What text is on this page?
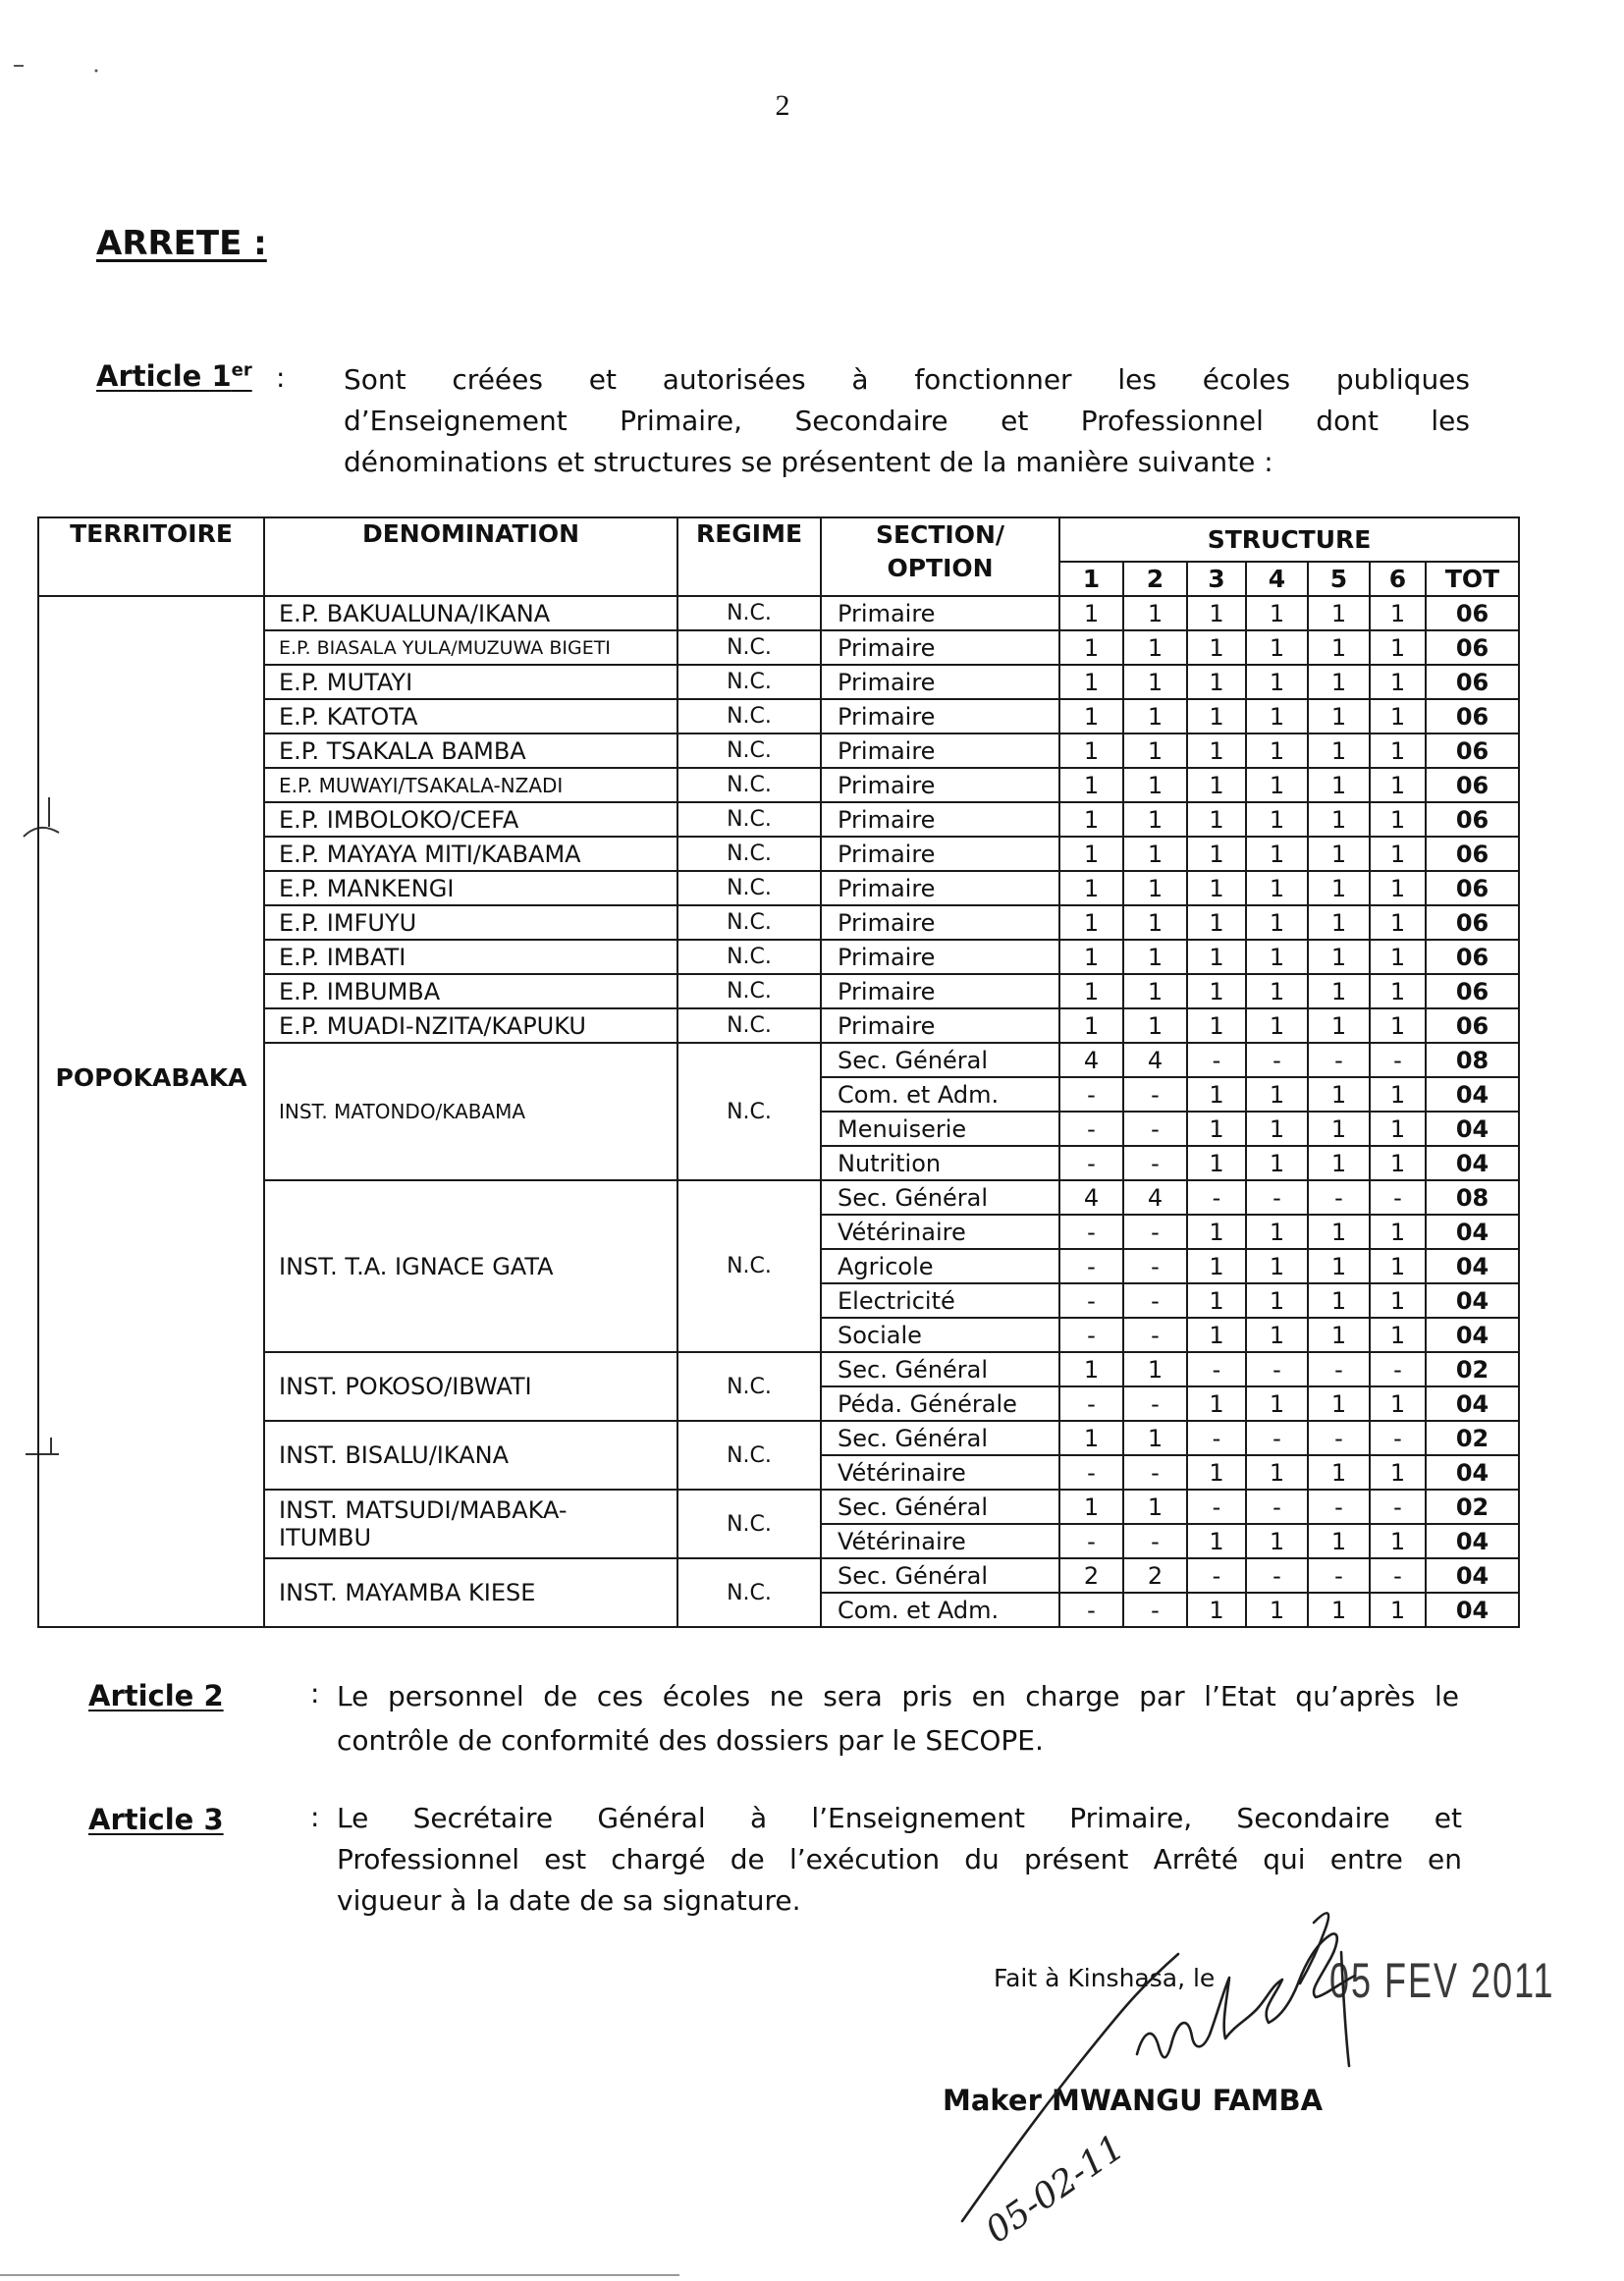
2
ARRETE :
Article 1er : Sont créées et autorisées à fonctionner les écoles publiques
d’Enseignement Primaire, Secondaire et Professionnel dont les
dénominations et structures se présentent de la manière suivante :
TERRITOIRE	DENOMINATION	REGIME	SECTION/
OPTION	STRUCTURE						
				1	2	3	4	5	6	TOT
POPOKABAKA	E.P. BAKUALUNA/IKANA	N.C.	Primaire	1	1	1	1	1	1	06

	E.P. BIASALA YULA/MUZUWA BIGETI	N.C.	Primaire	1	1	1	1	1	1	06

	E.P. MUTAYI	N.C.	Primaire	1	1	1	1	1	1	06

	E.P. KATOTA	N.C.	Primaire	1	1	1	1	1	1	06

	E.P. TSAKALA BAMBA	N.C.	Primaire	1	1	1	1	1	1	06

	E.P. MUWAYI/TSAKALA-NZADI	N.C.	Primaire	1	1	1	1	1	1	06

	E.P. IMBOLOKO/CEFA	N.C.	Primaire	1	1	1	1	1	1	06

	E.P. MAYAYA MITI/KABAMA	N.C.	Primaire	1	1	1	1	1	1	06

	E.P. MANKENGI	N.C.	Primaire	1	1	1	1	1	1	06

	E.P. IMFUYU	N.C.	Primaire	1	1	1	1	1	1	06

	E.P. IMBATI	N.C.	Primaire	1	1	1	1	1	1	06

	E.P. IMBUMBA	N.C.	Primaire	1	1	1	1	1	1	06

	E.P. MUADI-NZITA/KAPUKU	N.C.	Primaire	1	1	1	1	1	1	06

	INST. MATONDO/KABAMA	N.C.	Sec. Général	4	4	-	-	-	-	08
			Com. et Adm.	-	-	1	1	1	1	04
			Menuiserie	-	-	1	1	1	1	04
			Nutrition	-	-	1	1	1	1	04

	INST. T.A. IGNACE GATA	N.C.	Sec. Général	4	4	-	-	-	-	08
			Vétérinaire	-	-	1	1	1	1	04
			Agricole	-	-	1	1	1	1	04
			Electricité	-	-	1	1	1	1	04
			Sociale	-	-	1	1	1	1	04

	INST. POKOSO/IBWATI	N.C.	Sec. Général	1	1	-	-	-	-	02
			Péda. Générale	-	-	1	1	1	1	04

	INST. BISALU/IKANA	N.C.	Sec. Général	1	1	-	-	-	-	02
			Vétérinaire	-	-	1	1	1	1	04

	INST. MATSUDI/MABAKA-
ITUMBU	N.C.	Sec. Général	1	1	-	-	-	-	02
			Vétérinaire	-	-	1	1	1	1	04

	INST. MAYAMBA KIESE	N.C.	Sec. Général	2	2	-	-	-	-	04
			Com. et Adm.	-	-	1	1	1	1	04
Article 2	: Le personnel de ces écoles ne sera pris en charge par l’Etat qu’après le
contrôle de conformité des dossiers par le SECOPE.
Article 3	: Le Secrétaire Général à l’Enseignement Primaire, Secondaire et
Professionnel est chargé de l’exécution du présent Arrêté qui entre en
vigueur à la date de sa signature.
Fait à Kinshasa, le	05 FEV 2011
Maker MWANGU FAMBA
05-02-11
